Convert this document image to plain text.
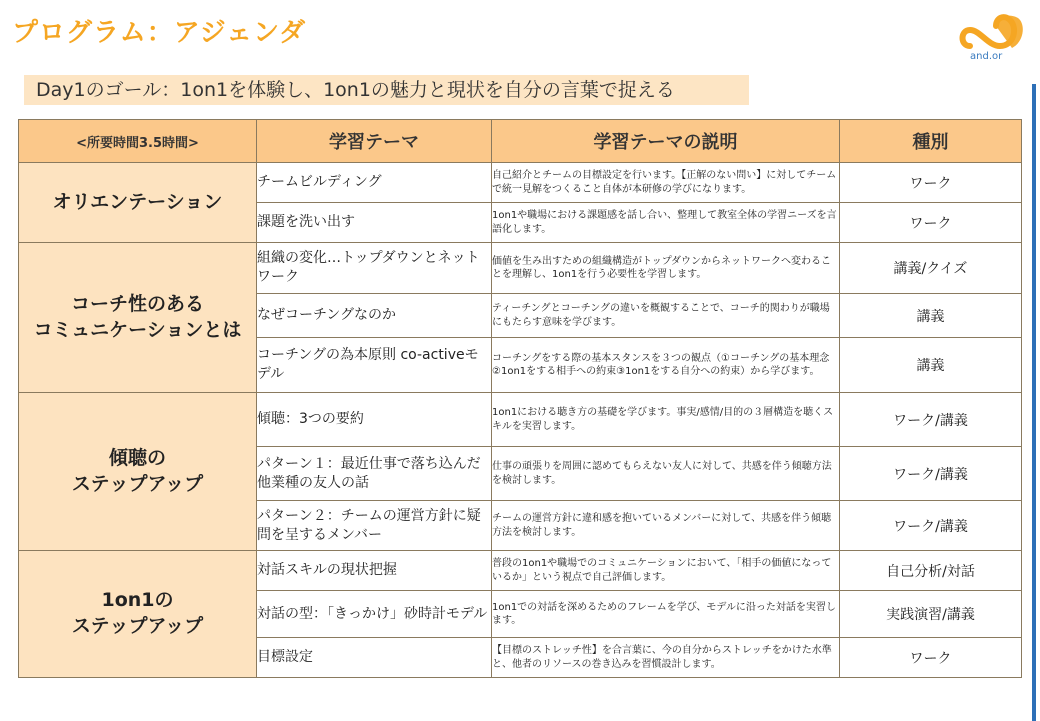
プログラム：アジェンダ
and.or
Day1のゴール：1on1を体験し、1on1の魅力と現状を自分の言葉で捉える
<所要時間3.5時間>	学習テーマ	学習テーマの説明	種別

オリエンテーション	チームビルディング	自己紹介とチームの目標設定を行います。【正解のない問い】に対してチームで統一見解をつくること自体が本研修の学びになります。	ワーク
	課題を洗い出す	1on1や職場における課題感を話し合い、整理して教室全体の学習ニーズを言語化します。	ワーク

コーチ性のある
コミュニケーションとは	組織の変化…トップダウンとネットワーク	価値を生み出すための組織構造がトップダウンからネットワークへ変わることを理解し、1on1を行う必要性を学習します。	講義/クイズ
	なぜコーチングなのか	ティーチングとコーチングの違いを概観することで、コーチ的関わりが職場にもたらす意味を学びます。	講義
	コーチングの為本原則 co-activeモデル	コーチングをする際の基本スタンスを３つの観点（①コーチングの基本理念②1on1をする相手への約束③1on1をする自分への約束）から学びます。	講義

傾聴の
ステップアップ	傾聴：3つの要約	1on1における聴き方の基礎を学びます。事実/感情/目的の３層構造を聴くスキルを実習します。	ワーク/講義
	パターン１：最近仕事で落ち込んだ他業種の友人の話	仕事の頑張りを周囲に認めてもらえない友人に対して、共感を伴う傾聴方法を検討します。	ワーク/講義
	パターン２：チームの運営方針に疑問を呈するメンバー	チームの運営方針に違和感を抱いているメンバーに対して、共感を伴う傾聴方法を検討します。	ワーク/講義

1on1の
ステップアップ	対話スキルの現状把握	普段の1on1や職場でのコミュニケーションにおいて、「相手の価値になっているか」という視点で自己評価します。	自己分析/対話
	対話の型：「きっかけ」砂時計モデル	1on1での対話を深めるためのフレームを学び、モデルに沿った対話を実習します。	実践演習/講義
	目標設定	【目標のストレッチ性】を合言葉に、今の自分からストレッチをかけた水準と、他者のリソースの巻き込みを習慣設計します。	ワーク
